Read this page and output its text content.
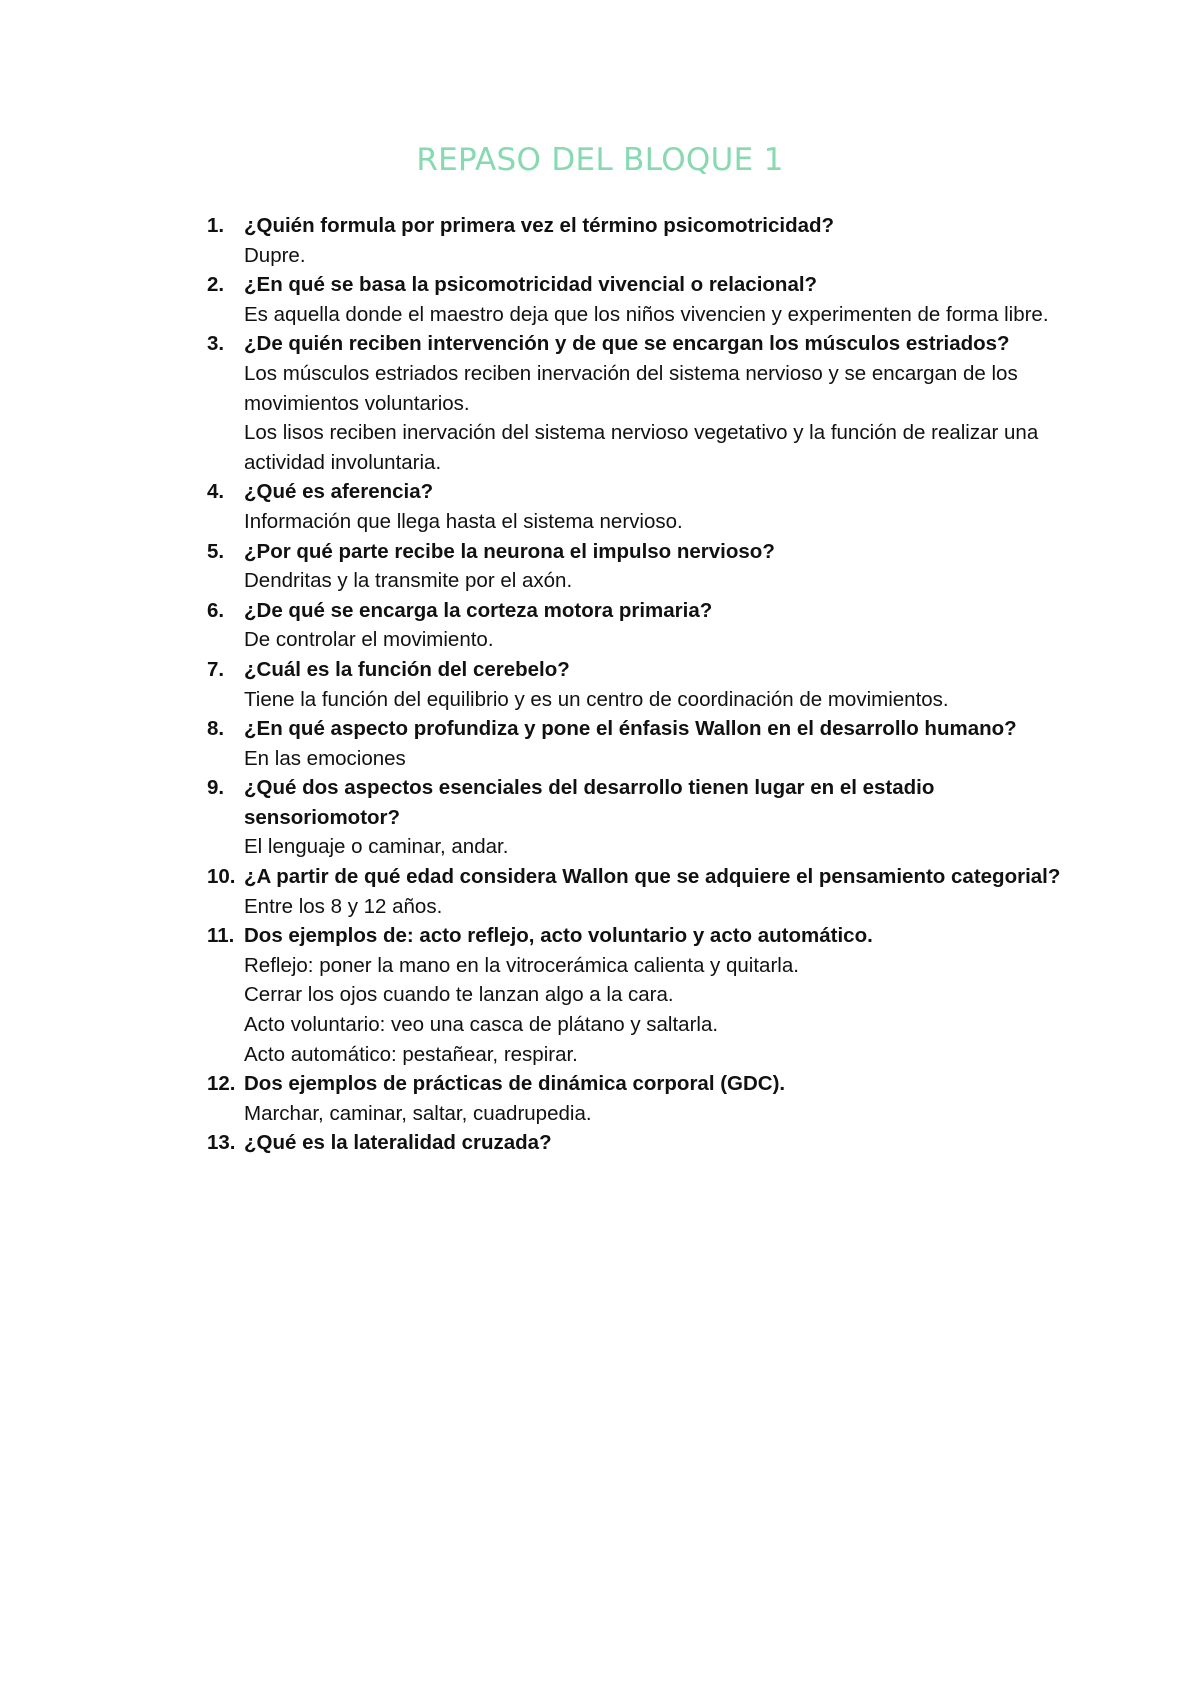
REPASO DEL BLOQUE 1
1. ¿Quién formula por primera vez el término psicomotricidad?
Dupre.
2. ¿En qué se basa la psicomotricidad vivencial o relacional?
Es aquella donde el maestro deja que los niños vivencien y experimenten de forma libre.
3. ¿De quién reciben intervención y de que se encargan los músculos estriados?
Los músculos estriados reciben inervación del sistema nervioso y se encargan de los movimientos voluntarios.
Los lisos reciben inervación del sistema nervioso vegetativo y la función de realizar una actividad involuntaria.
4. ¿Qué es aferencia?
Información que llega hasta el sistema nervioso.
5. ¿Por qué parte recibe la neurona el impulso nervioso?
Dendritas y la transmite por el axón.
6. ¿De qué se encarga la corteza motora primaria?
De controlar el movimiento.
7. ¿Cuál es la función del cerebelo?
Tiene la función del equilibrio y es un centro de coordinación de movimientos.
8. ¿En qué aspecto profundiza y pone el énfasis Wallon en el desarrollo humano?
En las emociones
9. ¿Qué dos aspectos esenciales del desarrollo tienen lugar en el estadio sensoriomotor?
El lenguaje o caminar, andar.
10. ¿A partir de qué edad considera Wallon que se adquiere el pensamiento categorial?
Entre los 8 y 12 años.
11. Dos ejemplos de: acto reflejo, acto voluntario y acto automático.
Reflejo: poner la mano en la vitrocerámica calienta y quitarla.
Cerrar los ojos cuando te lanzan algo a la cara.
Acto voluntario: veo una casca de plátano y saltarla.
Acto automático: pestañear, respirar.
12. Dos ejemplos de prácticas de dinámica corporal (GDC).
Marchar, caminar, saltar, cuadrupedia.
13. ¿Qué es la lateralidad cruzada?
